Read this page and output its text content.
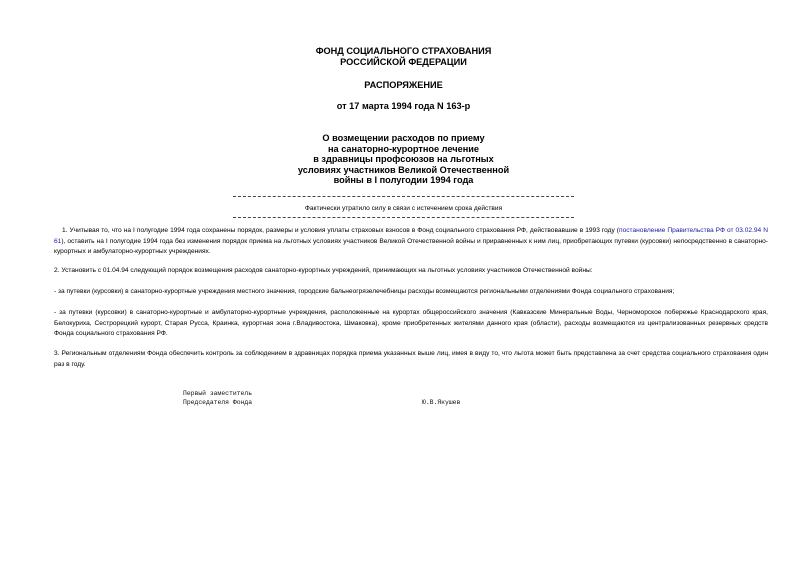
ФОНД СОЦИАЛЬНОГО СТРАХОВАНИЯ
РОССИЙСКОЙ ФЕДЕРАЦИИ
РАСПОРЯЖЕНИЕ
от 17 марта 1994 года N 163-р
О возмещении расходов по приему
на санаторно-курортное лечение
в здравницы профсоюзов на льготных
условиях участников Великой Отечественной
войны в I полугодии 1994 года
Фактически утратило силу в связи с истечением срока действия
1. Учитывая то, что на I полугодие 1994 года сохранены порядок, размеры и условия уплаты страховых взносов в Фонд социального страхования РФ, действовавшие в 1993 году (постановление Правительства РФ от 03.02.94 N 61), оставить на I полугодие 1994 года без изменения порядок приема на льготных условиях участников Великой Отечественной войны и приравненных к ним лиц, приобретающих путевки (курсовки) непосредственно в санаторно-курортных и амбулаторно-курортных учреждениях.
2. Установить с 01.04.94 следующий порядок возмещения расходов санаторно-курортных учреждений, принимающих на льготных условиях участников Отечественной войны:
- за путевки (курсовки) в санаторно-курортные учреждения местного значения, городские бальнеогрязелечебницы расходы возмещаются региональными отделениями Фонда социального страхования;
- за путевки (курсовки) в санаторно-курортные и амбулаторно-курортные учреждения, расположенные на курортах общероссийского значения (Кавказские Минеральные Воды, Черноморское побережье Краснодарского края, Белокуриха, Сестрорецкий курорт, Старая Русса, Краинка, курортная зона г.Владивостока, Шмаковка), кроме приобретенных жителями данного края (области), расходы возмещаются из централизованных резервных средств Фонда социального страхования РФ.
3. Региональным отделениям Фонда обеспечить контроль за соблюдением в здравницах порядка приема указанных выше лиц, имея в виду то, что льгота может быть представлена за счет средства социального страхования один раз в году.
Первый заместитель
Председателя Фонда	Ю.В.Якушев
